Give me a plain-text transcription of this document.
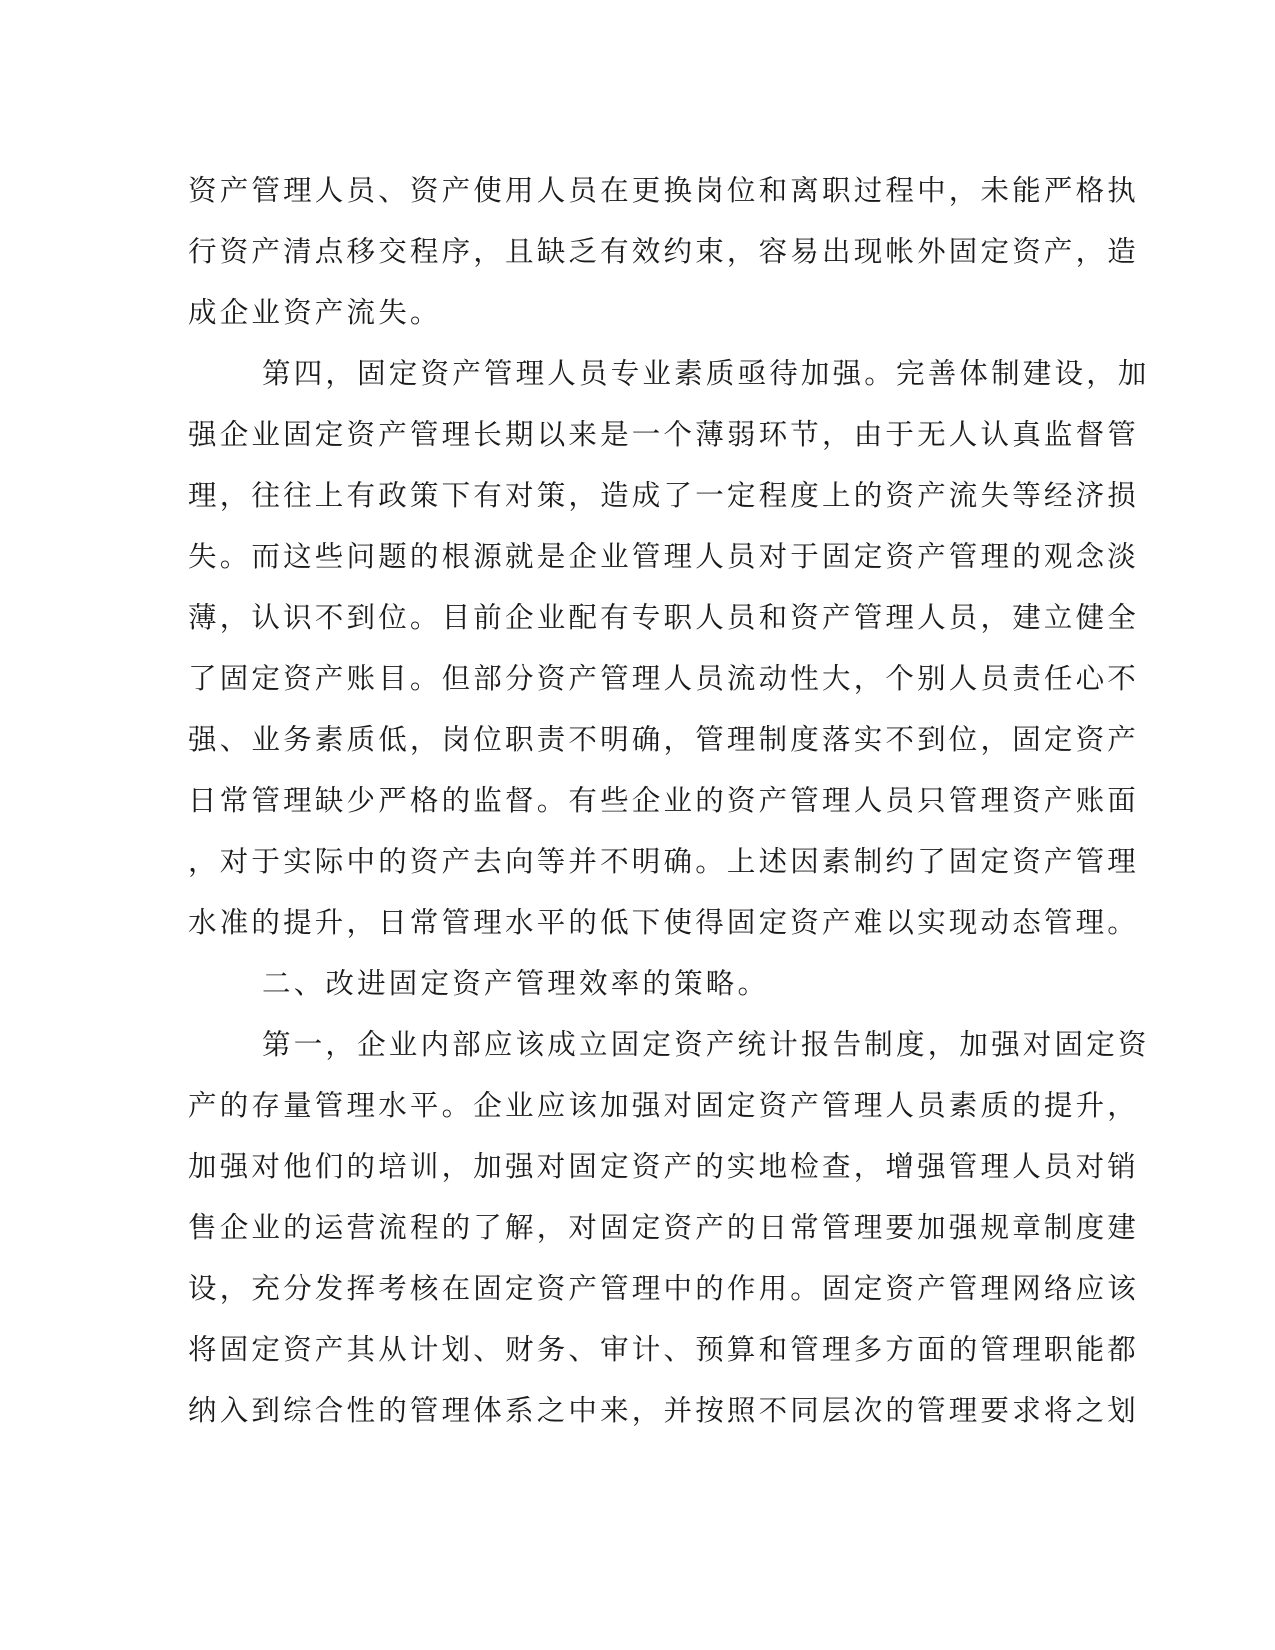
资产管理人员、资产使用人员在更换岗位和离职过程中，未能严格执
行资产清点移交程序，且缺乏有效约束，容易出现帐外固定资产，造
成企业资产流失。
第四，固定资产管理人员专业素质亟待加强。完善体制建设，加
强企业固定资产管理长期以来是一个薄弱环节，由于无人认真监督管
理，往往上有政策下有对策，造成了一定程度上的资产流失等经济损
失。而这些问题的根源就是企业管理人员对于固定资产管理的观念淡
薄，认识不到位。目前企业配有专职人员和资产管理人员，建立健全
了固定资产账目。但部分资产管理人员流动性大，个别人员责任心不
强、业务素质低，岗位职责不明确，管理制度落实不到位，固定资产
日常管理缺少严格的监督。有些企业的资产管理人员只管理资产账面
，对于实际中的资产去向等并不明确。上述因素制约了固定资产管理
水准的提升，日常管理水平的低下使得固定资产难以实现动态管理。
二、改进固定资产管理效率的策略。
第一，企业内部应该成立固定资产统计报告制度，加强对固定资
产的存量管理水平。企业应该加强对固定资产管理人员素质的提升，
加强对他们的培训，加强对固定资产的实地检查，增强管理人员对销
售企业的运营流程的了解，对固定资产的日常管理要加强规章制度建
设，充分发挥考核在固定资产管理中的作用。固定资产管理网络应该
将固定资产其从计划、财务、审计、预算和管理多方面的管理职能都
纳入到综合性的管理体系之中来，并按照不同层次的管理要求将之划
